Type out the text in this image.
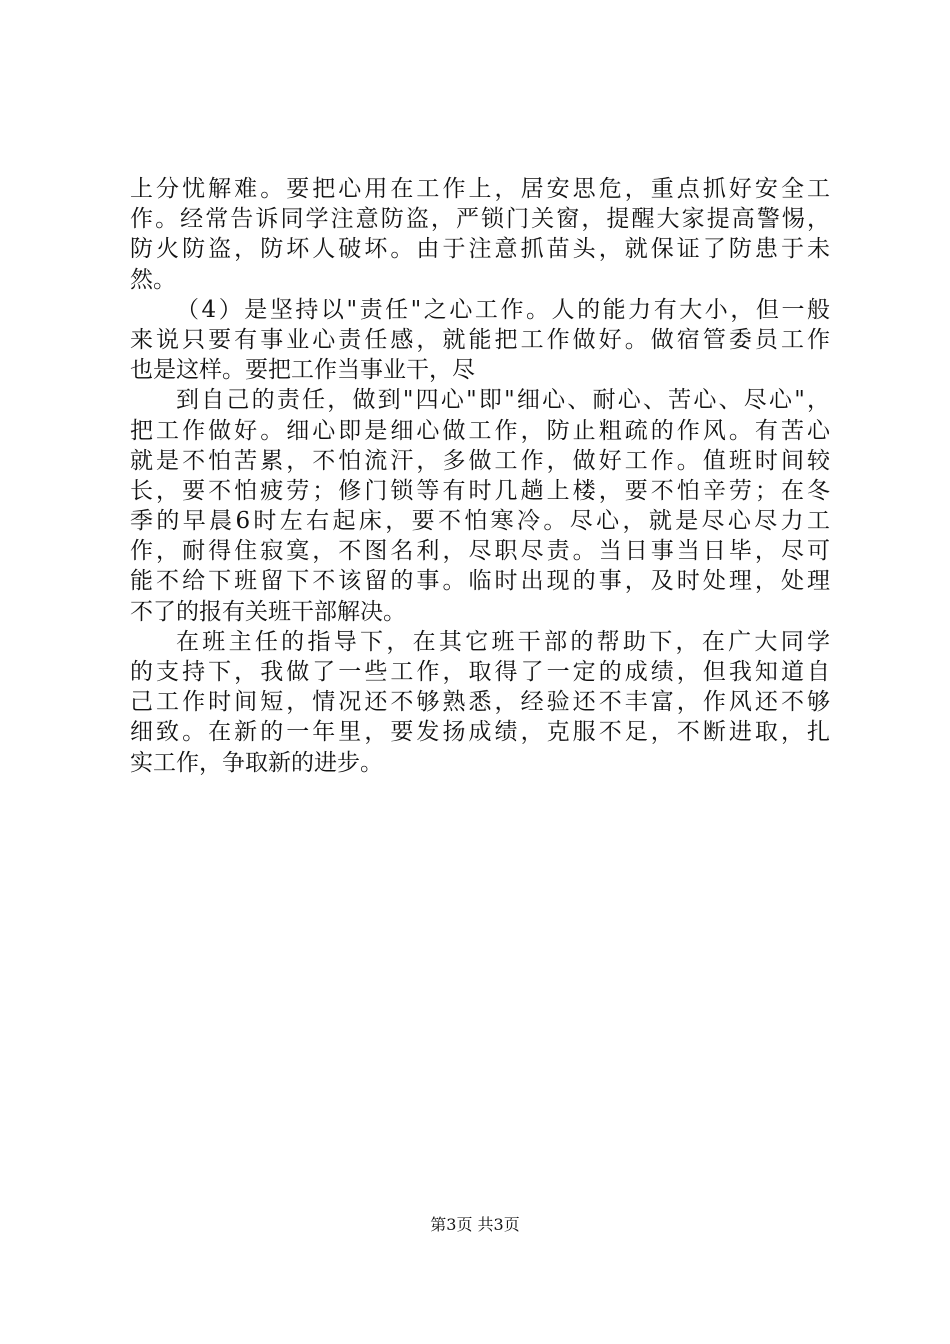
上分忧解难。要把心用在工作上，居安思危，重点抓好安全工
作。经常告诉同学注意防盗，严锁门关窗，提醒大家提高警惕，
防火防盗，防坏人破坏。由于注意抓苗头，就保证了防患于未
然。
（4）是坚持以"责任"之心工作。人的能力有大小，但一般
来说只要有事业心责任感，就能把工作做好。做宿管委员工作
也是这样。要把工作当事业干，尽
到自己的责任，做到"四心"即"细心、耐心、苦心、尽心"，
把工作做好。细心即是细心做工作，防止粗疏的作风。有苦心
就是不怕苦累，不怕流汗，多做工作，做好工作。值班时间较
长，要不怕疲劳；修门锁等有时几趟上楼，要不怕辛劳；在冬
季的早晨6时左右起床，要不怕寒冷。尽心，就是尽心尽力工
作，耐得住寂寞，不图名利，尽职尽责。当日事当日毕，尽可
能不给下班留下不该留的事。临时出现的事，及时处理，处理
不了的报有关班干部解决。
在班主任的指导下，在其它班干部的帮助下，在广大同学
的支持下，我做了一些工作，取得了一定的成绩，但我知道自
己工作时间短，情况还不够熟悉，经验还不丰富，作风还不够
细致。在新的一年里，要发扬成绩，克服不足，不断进取，扎
实工作，争取新的进步。
第3页 共3页
